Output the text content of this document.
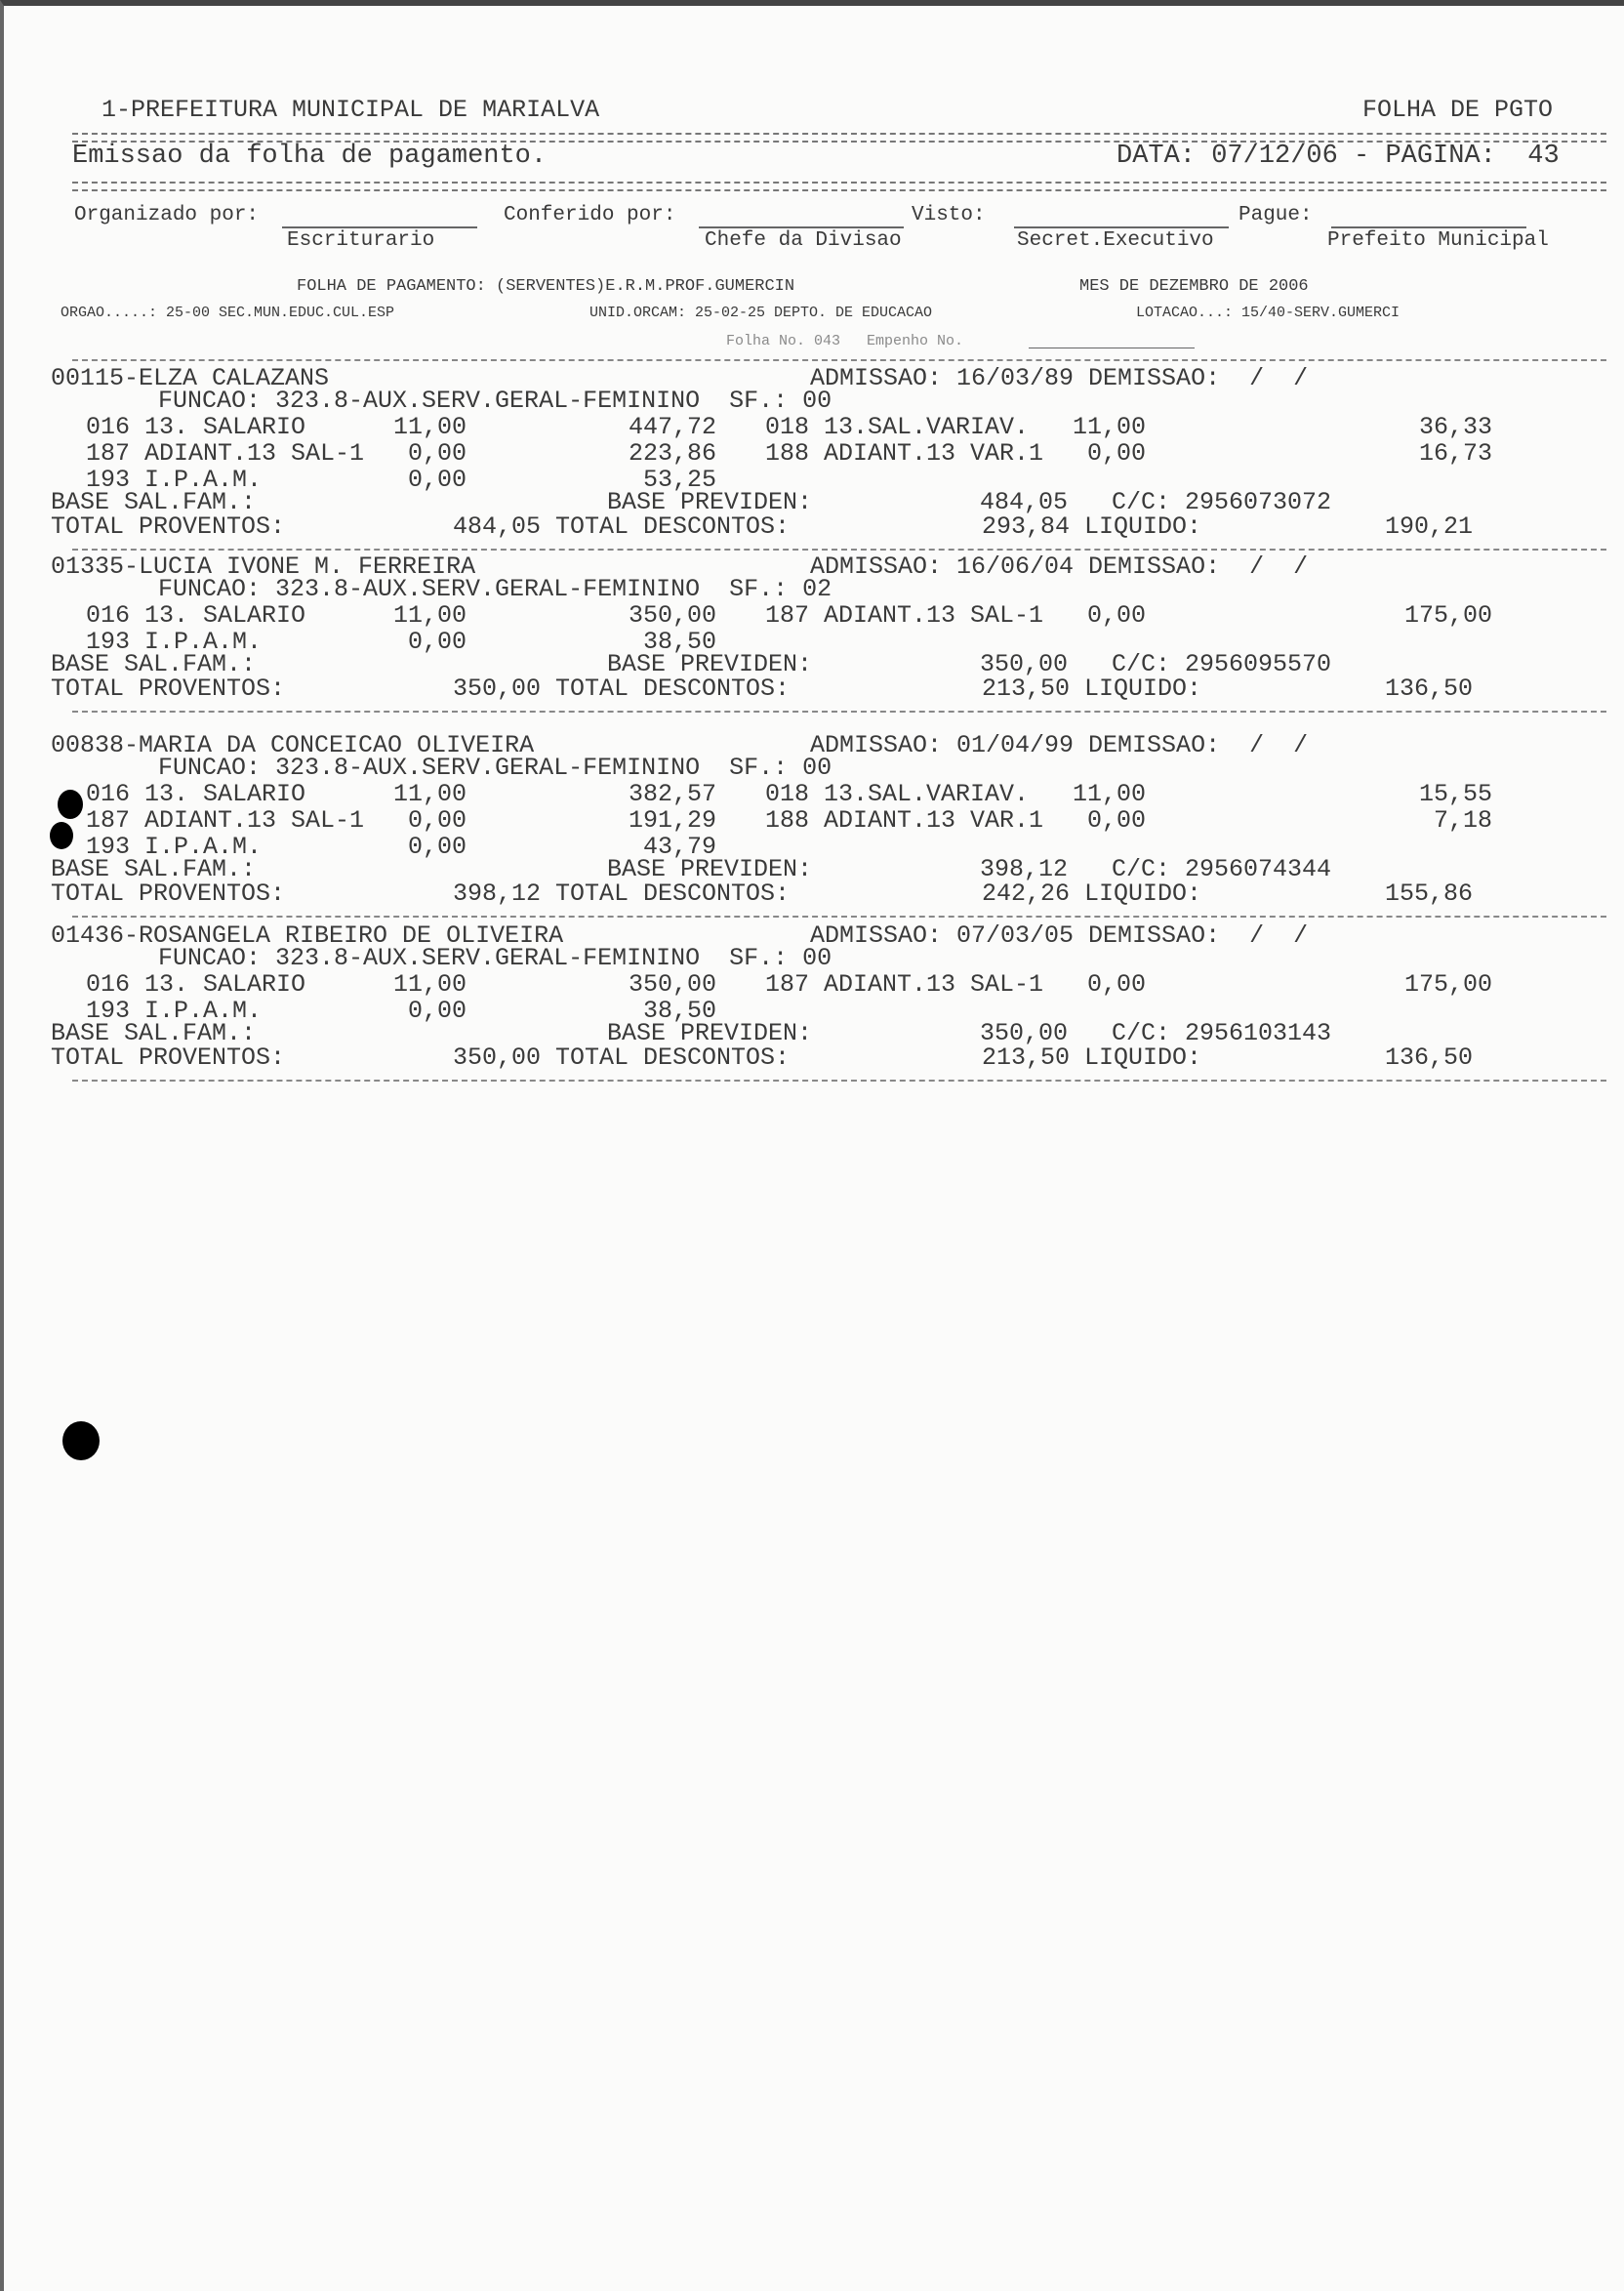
1-PREFEITURA MUNICIPAL DE MARIALVA	FOLHA DE PGTO
Emissao da folha de pagamento.	DATA: 07/12/06 - PAGINA:  43
Organizado por:	Conferido por:	Visto:	Pague:
Escriturario	Chefe da Divisao	Secret.Executivo	Prefeito Municipal
FOLHA DE PAGAMENTO: (SERVENTES)E.R.M.PROF.GUMERCIN	MES DE DEZEMBRO DE 2006
ORGAO.....: 25-00 SEC.MUN.EDUC.CUL.ESP	UNID.ORCAM: 25-02-25 DEPTO. DE EDUCACAO	LOTACAO...: 15/40-SERV.GUMERCI
Folha No. 043   Empenho No.
00115-ELZA CALAZANS	ADMISSAO: 16/03/89 DEMISSAO:  /  /
FUNCAO: 323.8-AUX.SERV.GERAL-FEMININO  SF.: 00
016 13. SALARIO      11,00	447,72 018 13.SAL.VARIAV.   11,00	36,33
187 ADIANT.13 SAL-1   0,00	223,86 188 ADIANT.13 VAR.1   0,00	16,73
193 I.P.A.M.          0,00	53,25
BASE SAL.FAM.:	BASE PREVIDEN:	484,05   C/C: 2956073072
TOTAL PROVENTOS:	484,05 TOTAL DESCONTOS:	293,84 LIQUIDO:	190,21
01335-LUCIA IVONE M. FERREIRA	ADMISSAO: 16/06/04 DEMISSAO:  /  /
FUNCAO: 323.8-AUX.SERV.GERAL-FEMININO  SF.: 02
016 13. SALARIO      11,00	350,00 187 ADIANT.13 SAL-1   0,00	175,00
193 I.P.A.M.          0,00	38,50
BASE SAL.FAM.:	BASE PREVIDEN:	350,00   C/C: 2956095570
TOTAL PROVENTOS:	350,00 TOTAL DESCONTOS:	213,50 LIQUIDO:	136,50
00838-MARIA DA CONCEICAO OLIVEIRA	ADMISSAO: 01/04/99 DEMISSAO:  /  /
FUNCAO: 323.8-AUX.SERV.GERAL-FEMININO  SF.: 00
016 13. SALARIO      11,00	382,57 018 13.SAL.VARIAV.   11,00	15,55
187 ADIANT.13 SAL-1   0,00	191,29 188 ADIANT.13 VAR.1   0,00	7,18
193 I.P.A.M.          0,00	43,79
BASE SAL.FAM.:	BASE PREVIDEN:	398,12   C/C: 2956074344
TOTAL PROVENTOS:	398,12 TOTAL DESCONTOS:	242,26 LIQUIDO:	155,86
01436-ROSANGELA RIBEIRO DE OLIVEIRA	ADMISSAO: 07/03/05 DEMISSAO:  /  /
FUNCAO: 323.8-AUX.SERV.GERAL-FEMININO  SF.: 00
016 13. SALARIO      11,00	350,00 187 ADIANT.13 SAL-1   0,00	175,00
193 I.P.A.M.          0,00	38,50
BASE SAL.FAM.:	BASE PREVIDEN:	350,00   C/C: 2956103143
TOTAL PROVENTOS:	350,00 TOTAL DESCONTOS:	213,50 LIQUIDO:	136,50
